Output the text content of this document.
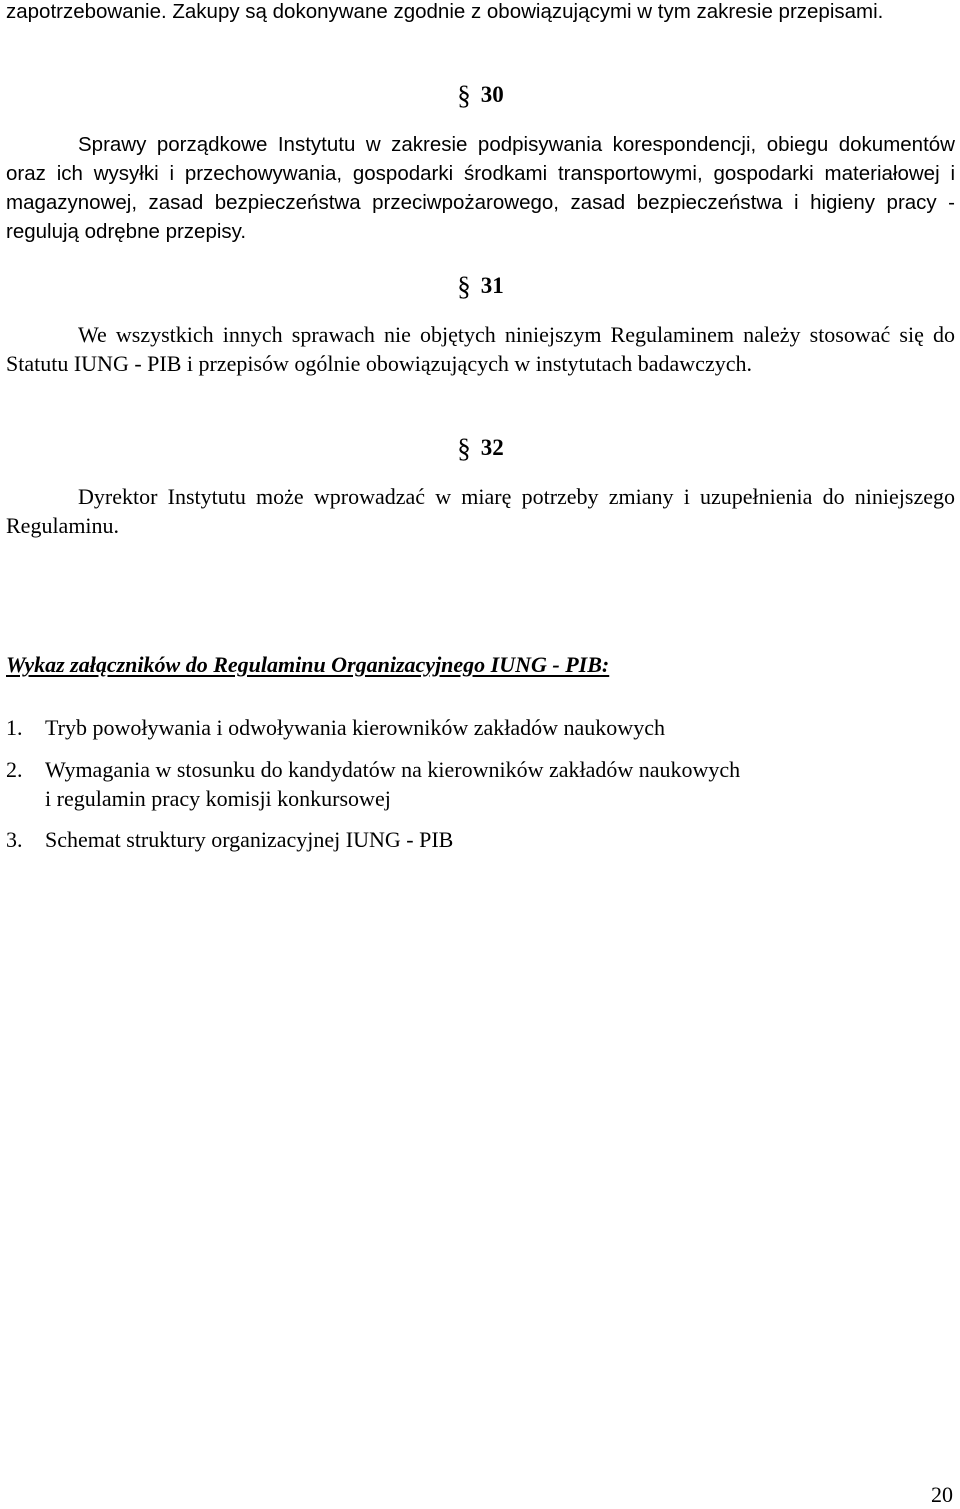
zapotrzebowanie. Zakupy są dokonywane zgodnie z obowiązującymi w tym zakresie przepisami.

§ 30

Sprawy porządkowe Instytutu w zakresie podpisywania korespondencji, obiegu dokumentów oraz ich wysyłki i przechowywania, gospodarki środkami transportowymi, gospodarki materiałowej i magazynowej, zasad bezpieczeństwa przeciwpożarowego, zasad bezpieczeństwa i higieny pracy - regulują odrębne przepisy.

§ 31

We wszystkich innych sprawach nie objętych niniejszym Regulaminem należy stosować się do Statutu IUNG - PIB i przepisów ogólnie obowiązujących w instytutach badawczych.

§ 32

Dyrektor Instytutu może wprowadzać w miarę potrzeby zmiany i uzupełnienia do niniejszego Regulaminu.

Wykaz załączników do Regulaminu Organizacyjnego IUNG - PIB:

1.	Tryb powoływania i odwoływania kierowników zakładów naukowych
2.	Wymagania w stosunku do kandydatów na kierowników zakładów naukowych
i regulamin pracy komisji konkursowej
3.	Schemat struktury organizacyjnej IUNG - PIB
20
